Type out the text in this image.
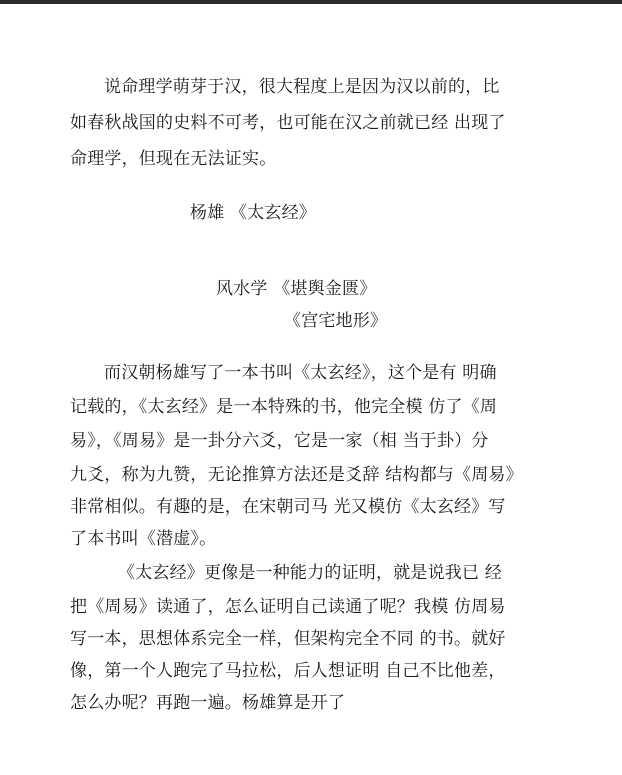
说命理学萌芽于汉，很大程度上是因为汉以前的，比
如春秋战国的史料不可考，也可能在汉之前就已经 出现了
命理学，但现在无法证实。
杨雄 《太玄经》
风水学 《堪舆金匮》
《宫宅地形》
而汉朝杨雄写了一本书叫《太玄经》，这个是有 明确
记载的，《太玄经》是一本特殊的书，他完全模 仿了《周
易》，《周易》是一卦分六爻，它是一家（相 当于卦）分
九爻，称为九赞，无论推算方法还是爻辞 结构都与《周易》
非常相似。有趣的是，在宋朝司马 光又模仿《太玄经》写
了本书叫《潜虚》。
《太玄经》更像是一种能力的证明，就是说我已 经
把《周易》读通了，怎么证明自己读通了呢？我模 仿周易
写一本，思想体系完全一样，但架构完全不同 的书。就好
像，第一个人跑完了马拉松，后人想证明 自己不比他差，
怎么办呢？再跑一遍。杨雄算是开了
